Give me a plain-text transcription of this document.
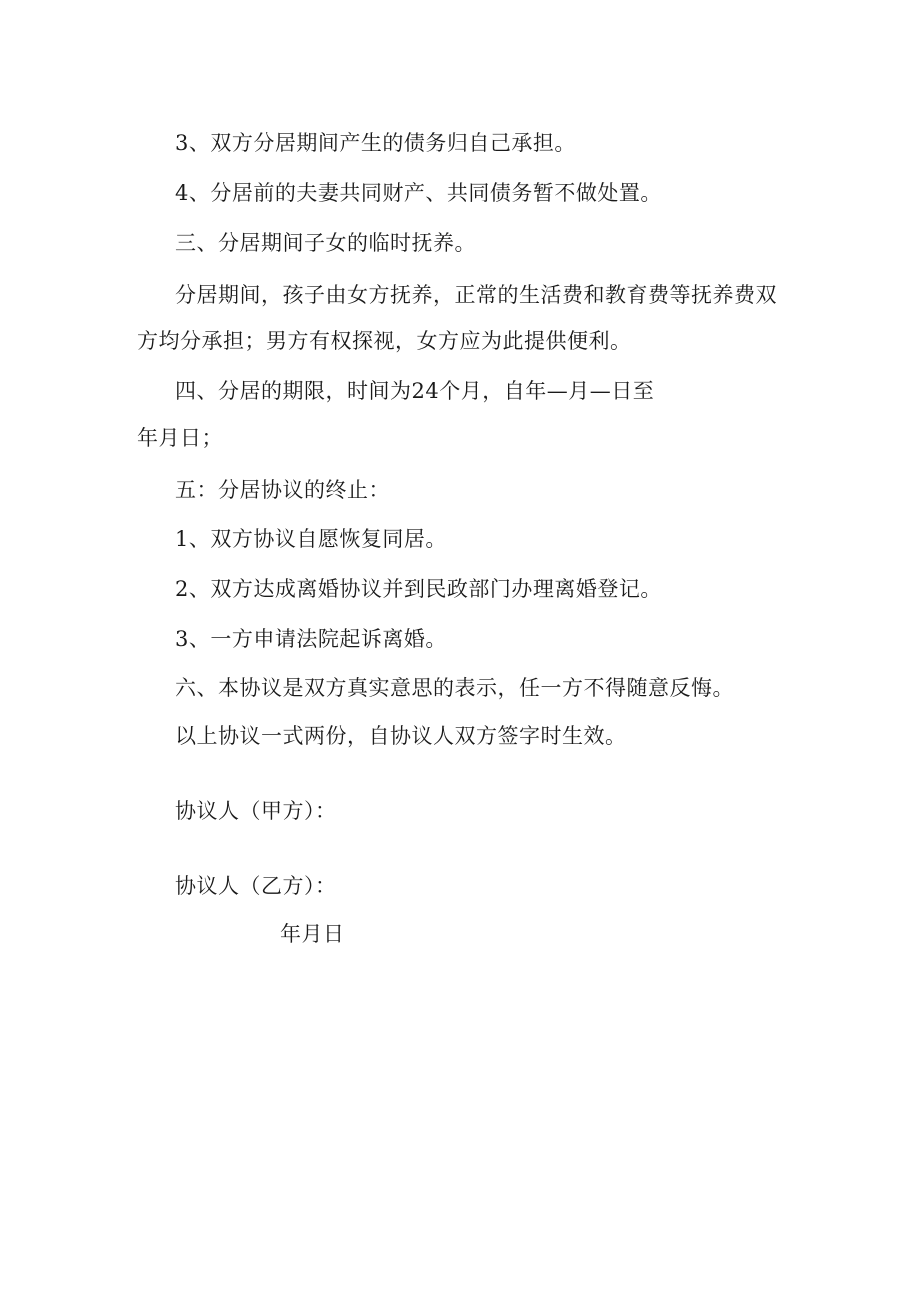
3、双方分居期间产生的债务归自己承担。
4、分居前的夫妻共同财产、共同债务暂不做处置。
三、分居期间子女的临时抚养。
分居期间，孩子由女方抚养，正常的生活费和教育费等抚养费双
方均分承担；男方有权探视，女方应为此提供便利。
四、分居的期限，时间为24个月，自年—月—日至
年月日；
五：分居协议的终止：
1、双方协议自愿恢复同居。
2、双方达成离婚协议并到民政部门办理离婚登记。
3、一方申请法院起诉离婚。
六、本协议是双方真实意思的表示，任一方不得随意反悔。
以上协议一式两份，自协议人双方签字时生效。
协议人（甲方）：
协议人（乙方）：
年月日
